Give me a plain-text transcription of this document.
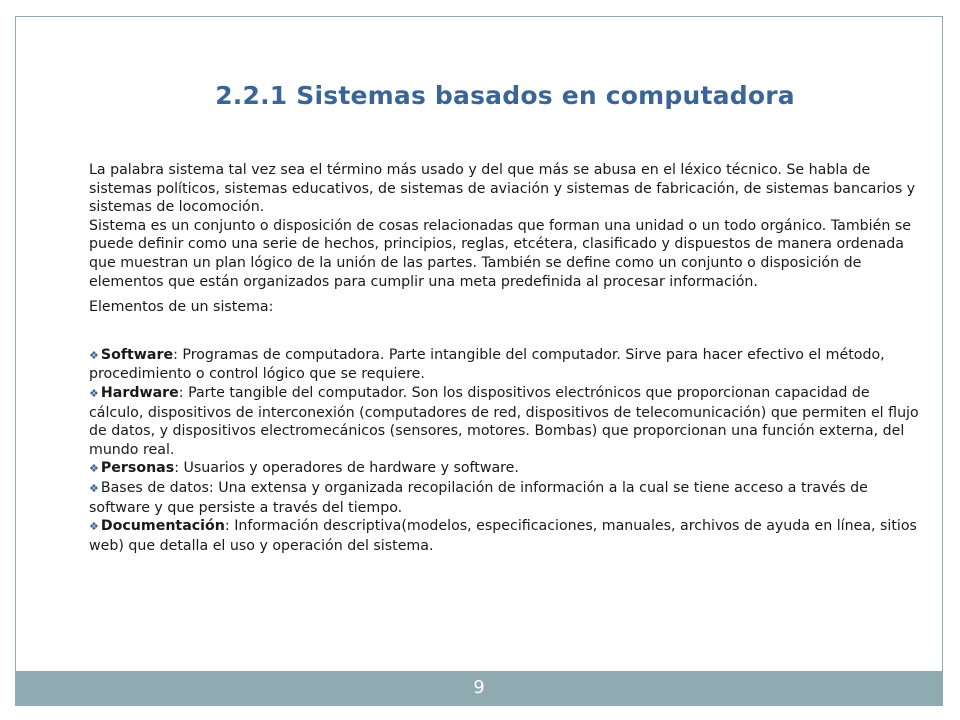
2.2.1 Sistemas basados en computadora

La palabra sistema tal vez sea el término más usado y del que más se abusa en el léxico técnico. Se habla de sistemas políticos, sistemas educativos, de sistemas de aviación y sistemas de fabricación, de sistemas bancarios y sistemas de locomoción.

Sistema es un conjunto o disposición de cosas relacionadas que forman una unidad o un todo orgánico. También se puede definir como una serie de hechos, principios, reglas, etcétera, clasificado y dispuestos de manera ordenada que muestran un plan lógico de la unión de las partes. También se define como un conjunto o disposición de elementos que están organizados para cumplir una meta predefinida al procesar información.

Elementos de un sistema:

❖ Software: Programas de computadora. Parte intangible del computador. Sirve para hacer efectivo el método, procedimiento o control lógico que se requiere.

❖ Hardware: Parte tangible del computador. Son los dispositivos electrónicos que proporcionan capacidad de cálculo, dispositivos de interconexión (computadores de red, dispositivos de telecomunicación) que permiten el flujo de datos, y dispositivos electromecánicos (sensores, motores. Bombas) que proporcionan una función externa, del mundo real.

❖ Personas: Usuarios y operadores de hardware y software.

❖ Bases de datos: Una extensa y organizada recopilación de información a la cual se tiene acceso a través de software y que persiste a través del tiempo.

❖ Documentación: Información descriptiva(modelos, especificaciones, manuales, archivos de ayuda en línea, sitios web) que detalla el uso y operación del sistema.

9
